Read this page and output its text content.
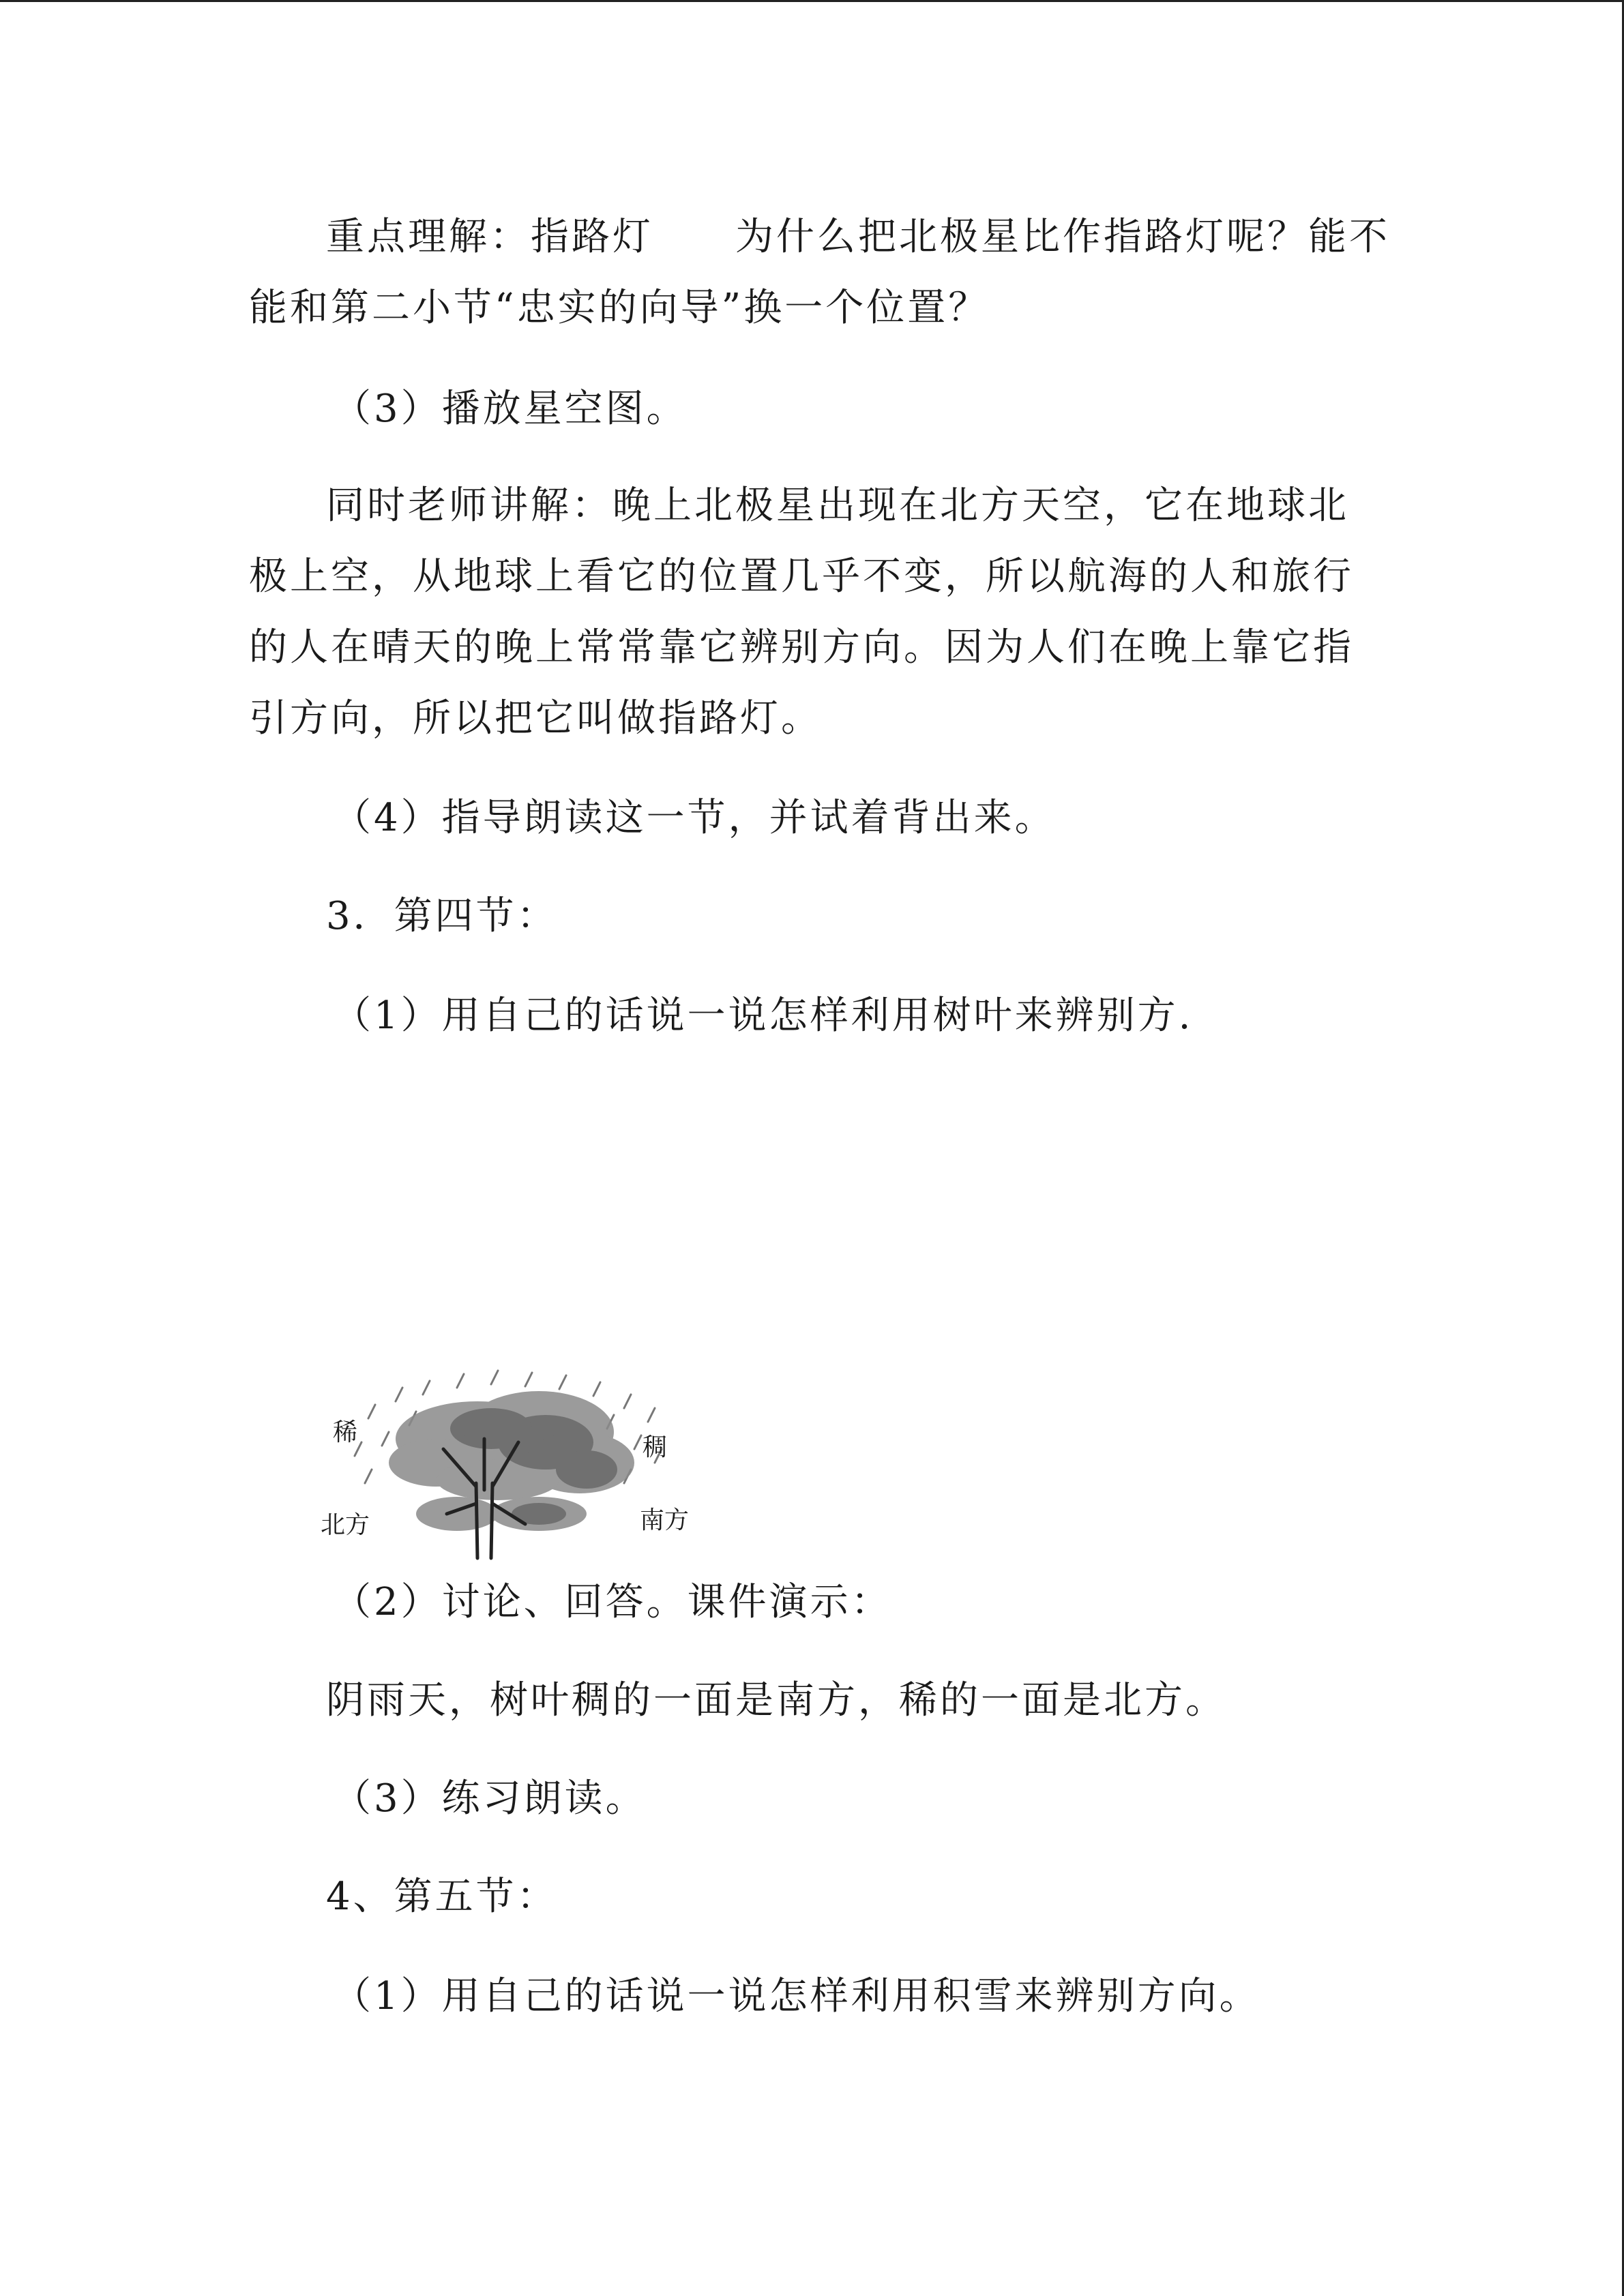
重点理解：指路灯　　为什么把北极星比作指路灯呢？能不

能和第二小节“忠实的向导”换一个位置？

（3）播放星空图。

同时老师讲解：晚上北极星出现在北方天空，它在地球北

极上空，从地球上看它的位置几乎不变，所以航海的人和旅行

的人在晴天的晚上常常靠它辨别方向。因为人们在晚上靠它指

引方向，所以把它叫做指路灯。

（4）指导朗读这一节，并试着背出来。

3．第四节：

（1）用自己的话说一说怎样利用树叶来辨别方.

稀
稠
北方	南方

（2）讨论、回答。课件演示：

阴雨天，树叶稠的一面是南方，稀的一面是北方。

（3）练习朗读。

4、第五节：

（1）用自己的话说一说怎样利用积雪来辨别方向。
